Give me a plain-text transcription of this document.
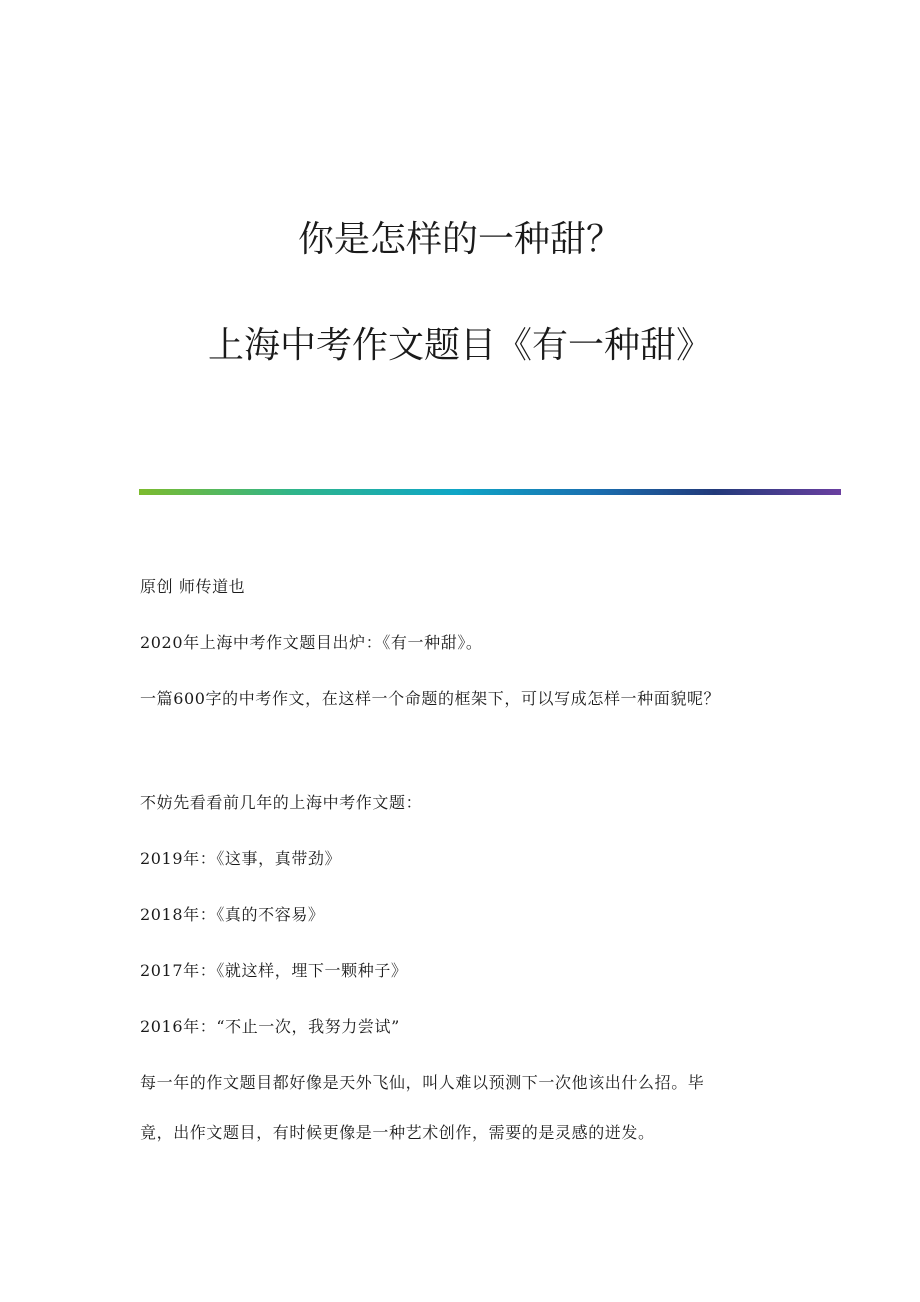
你是怎样的一种甜？
上海中考作文题目《有一种甜》

原创 师传道也

2020年上海中考作文题目出炉：《有一种甜》。

一篇600字的中考作文，在这样一个命题的框架下，可以写成怎样一种面貌呢？

不妨先看看前几年的上海中考作文题：

2019年：《这事，真带劲》

2018年：《真的不容易》

2017年：《就这样，埋下一颗种子》

2016年：“不止一次，我努力尝试”

每一年的作文题目都好像是天外飞仙，叫人难以预测下一次他该出什么招。毕

竟，出作文题目，有时候更像是一种艺术创作，需要的是灵感的迸发。
